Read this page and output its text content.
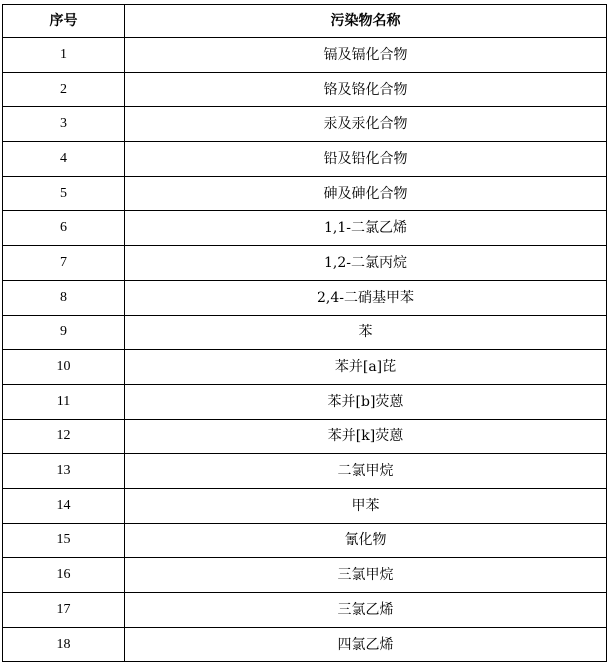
序号	污染物名称
1	镉及镉化合物
2	铬及铬化合物
3	汞及汞化合物
4	铅及铅化合物
5	砷及砷化合物
6	1,1-二氯乙烯
7	1,2-二氯丙烷
8	2,4-二硝基甲苯
9	苯
10	苯并[a]芘
11	苯并[b]荧蒽
12	苯并[k]荧蒽
13	二氯甲烷
14	甲苯
15	氰化物
16	三氯甲烷
17	三氯乙烯
18	四氯乙烯
